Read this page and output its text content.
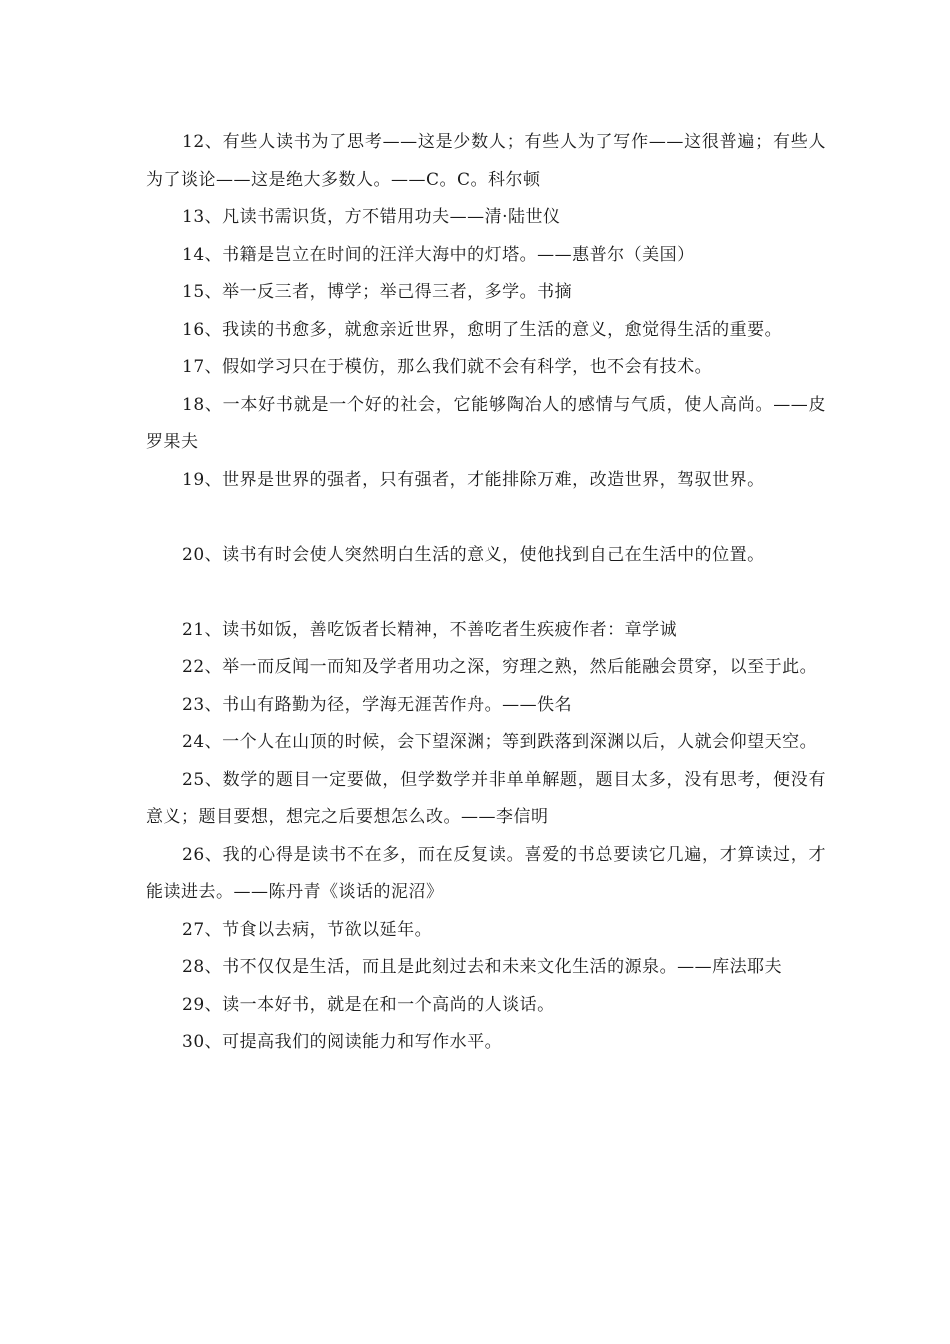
12、有些人读书为了思考——这是少数人；有些人为了写作——这很普遍；有些人为了谈论——这是绝大多数人。——C。C。科尔顿

13、凡读书需识货，方不错用功夫——清·陆世仪

14、书籍是岂立在时间的汪洋大海中的灯塔。——惠普尔（美国）

15、举一反三者，博学；举己得三者，多学。书摘

16、我读的书愈多，就愈亲近世界，愈明了生活的意义，愈觉得生活的重要。

17、假如学习只在于模仿，那么我们就不会有科学，也不会有技术。

18、一本好书就是一个好的社会，它能够陶冶人的感情与气质，使人高尚。——皮罗果夫

19、世界是世界的强者，只有强者，才能排除万难，改造世界，驾驭世界。

20、读书有时会使人突然明白生活的意义，使他找到自己在生活中的位置。

21、读书如饭，善吃饭者长精神，不善吃者生疾疲作者：章学诚

22、举一而反闻一而知及学者用功之深，穷理之熟，然后能融会贯穿，以至于此。

23、书山有路勤为径，学海无涯苦作舟。——佚名

24、一个人在山顶的时候，会下望深渊；等到跌落到深渊以后，人就会仰望天空。

25、数学的题目一定要做，但学数学并非单单解题，题目太多，没有思考，便没有意义；题目要想，想完之后要想怎么改。——李信明

26、我的心得是读书不在多，而在反复读。喜爱的书总要读它几遍，才算读过，才能读进去。——陈丹青《谈话的泥沼》

27、节食以去病，节欲以延年。

28、书不仅仅是生活，而且是此刻过去和未来文化生活的源泉。——库法耶夫

29、读一本好书，就是在和一个高尚的人谈话。

30、可提高我们的阅读能力和写作水平。
